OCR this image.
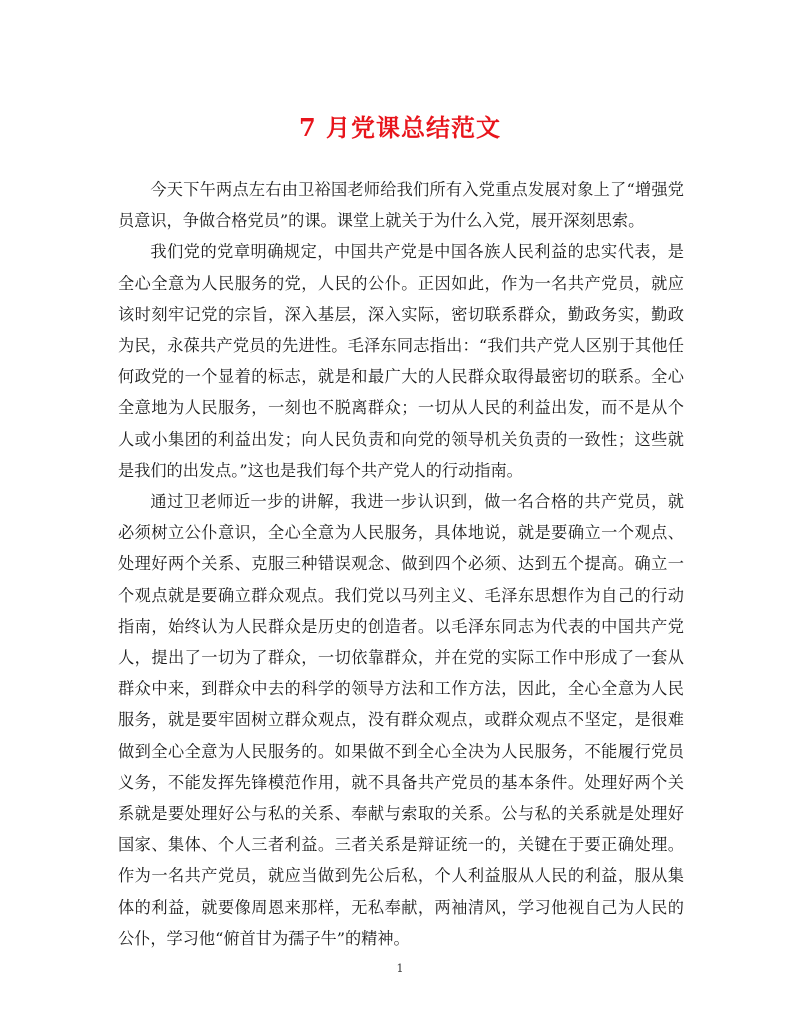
7 月党课总结范文

今天下午两点左右由卫裕国老师给我们所有入党重点发展对象上了“增强党员意识，争做合格党员”的课。课堂上就关于为什么入党，展开深刻思索。

我们党的党章明确规定，中国共产党是中国各族人民利益的忠实代表，是全心全意为人民服务的党，人民的公仆。正因如此，作为一名共产党员，就应该时刻牢记党的宗旨，深入基层，深入实际，密切联系群众，勤政务实，勤政为民，永葆共产党员的先进性。毛泽东同志指出：“我们共产党人区别于其他任何政党的一个显着的标志，就是和最广大的人民群众取得最密切的联系。全心全意地为人民服务，一刻也不脱离群众；一切从人民的利益出发，而不是从个人或小集团的利益出发；向人民负责和向党的领导机关负责的一致性；这些就是我们的出发点。”这也是我们每个共产党人的行动指南。

通过卫老师近一步的讲解，我进一步认识到，做一名合格的共产党员，就必须树立公仆意识，全心全意为人民服务，具体地说，就是要确立一个观点、处理好两个关系、克服三种错误观念、做到四个必须、达到五个提高。确立一个观点就是要确立群众观点。我们党以马列主义、毛泽东思想作为自己的行动指南，始终认为人民群众是历史的创造者。以毛泽东同志为代表的中国共产党人，提出了一切为了群众，一切依靠群众，并在党的实际工作中形成了一套从群众中来，到群众中去的科学的领导方法和工作方法，因此，全心全意为人民服务，就是要牢固树立群众观点，没有群众观点，或群众观点不坚定，是很难做到全心全意为人民服务的。如果做不到全心全决为人民服务，不能履行党员义务，不能发挥先锋模范作用，就不具备共产党员的基本条件。处理好两个关系就是要处理好公与私的关系、奉献与索取的关系。公与私的关系就是处理好国家、集体、个人三者利益。三者关系是辩证统一的，关键在于要正确处理。作为一名共产党员，就应当做到先公后私，个人利益服从人民的利益，服从集体的利益，就要像周恩来那样，无私奉献，两袖清风，学习他视自己为人民的公仆，学习他“俯首甘为孺子牛”的精神。

1
